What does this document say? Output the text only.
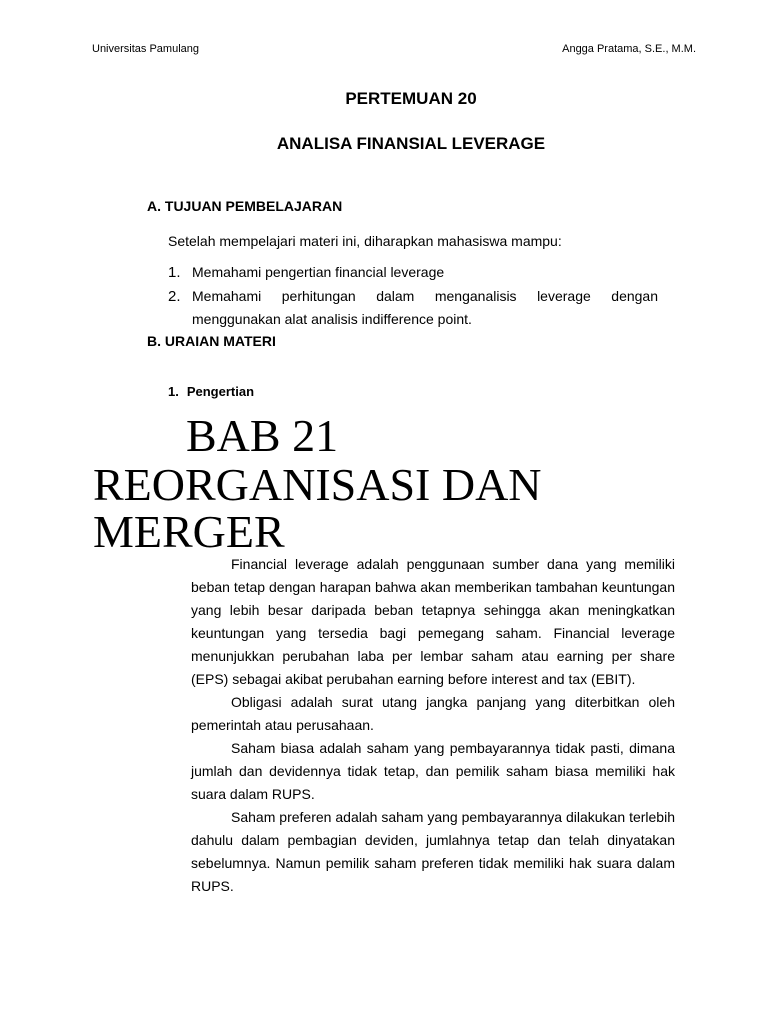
Universitas Pamulang	Angga Pratama, S.E., M.M.
PERTEMUAN 20
ANALISA FINANSIAL LEVERAGE
A. TUJUAN PEMBELAJARAN
Setelah mempelajari materi ini, diharapkan mahasiswa mampu:
1. Memahami pengertian financial leverage
2. Memahami perhitungan dalam menganalisis leverage dengan
menggunakan alat analisis indifference point.
B. URAIAN MATERI
1. Pengertian
BAB 21
REORGANISASI DAN
MERGER

Financial leverage adalah penggunaan sumber dana yang memiliki beban tetap dengan harapan bahwa akan memberikan tambahan keuntungan yang lebih besar daripada beban tetapnya sehingga akan meningkatkan keuntungan yang tersedia bagi pemegang saham. Financial leverage menunjukkan perubahan laba per lembar saham atau earning per share (EPS) sebagai akibat perubahan earning before interest and tax (EBIT).

Obligasi adalah surat utang jangka panjang yang diterbitkan oleh pemerintah atau perusahaan.

Saham biasa adalah saham yang pembayarannya tidak pasti, dimana jumlah dan devidennya tidak tetap, dan pemilik saham biasa memiliki hak suara dalam RUPS.

Saham preferen adalah saham yang pembayarannya dilakukan terlebih dahulu dalam pembagian deviden, jumlahnya tetap dan telah dinyatakan sebelumnya. Namun pemilik saham preferen tidak memiliki hak suara dalam RUPS.
